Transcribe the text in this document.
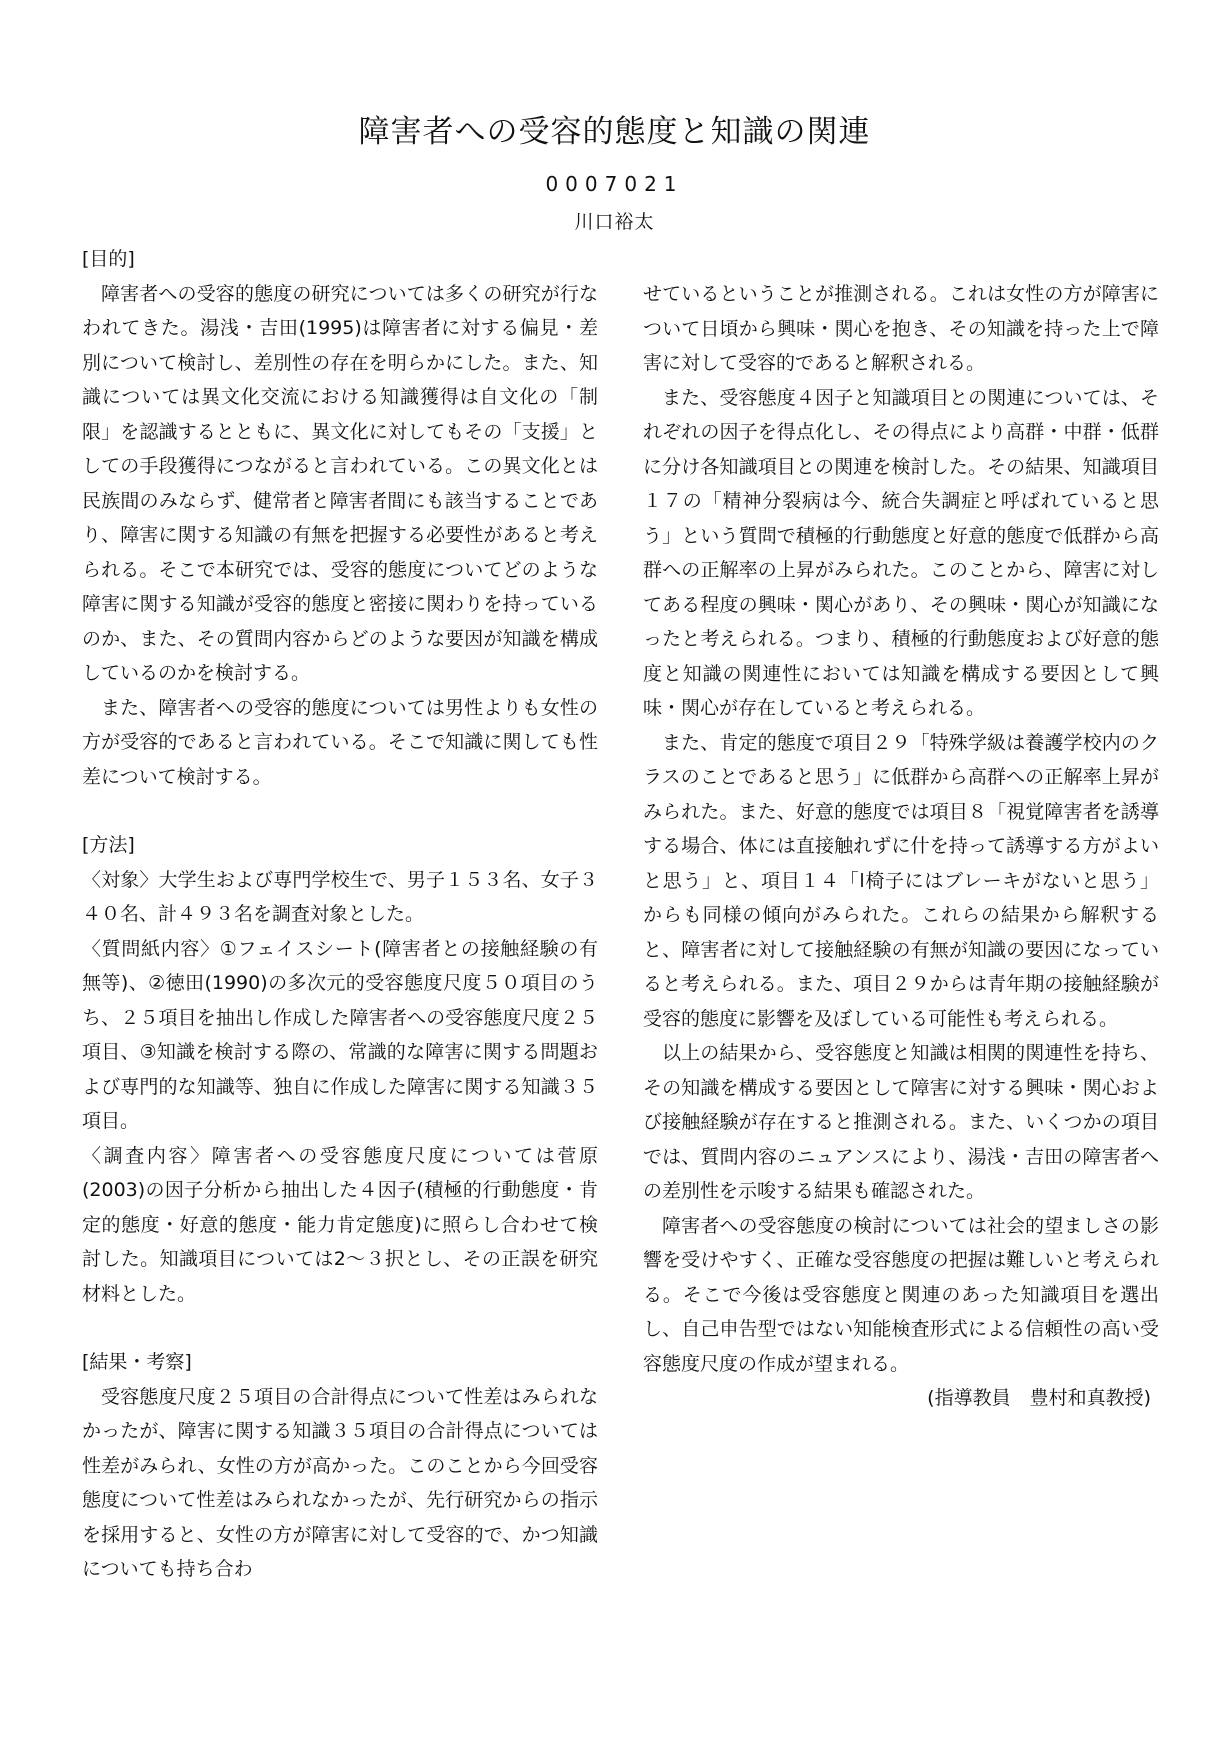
障害者への受容的態度と知識の関連
0007021
川口裕太
[目的]

障害者への受容的態度の研究については多くの研究が行なわれてきた。湯浅・吉田(1995)は障害者に対する偏見・差別について検討し、差別性の存在を明らかにした。また、知識については異文化交流における知識獲得は自文化の「制限」を認識するとともに、異文化に対してもその「支援」としての手段獲得につながると言われている。この異文化とは民族間のみならず、健常者と障害者間にも該当することであり、障害に関する知識の有無を把握する必要性があると考えられる。そこで本研究では、受容的態度についてどのような障害に関する知識が受容的態度と密接に関わりを持っているのか、また、その質問内容からどのような要因が知識を構成しているのかを検討する。

また、障害者への受容的態度については男性よりも女性の方が受容的であると言われている。そこで知識に関しても性差について検討する。

[方法]

〈対象〉大学生および専門学校生で、男子１５３名、女子３４０名、計４９３名を調査対象とした。

〈質問紙内容〉①フェイスシート(障害者との接触経験の有無等)、②徳田(1990)の多次元的受容態度尺度５０項目のうち、２５項目を抽出し作成した障害者への受容態度尺度２５項目、③知識を検討する際の、常識的な障害に関する問題および専門的な知識等、独自に作成した障害に関する知識３５項目。

〈調査内容〉障害者への受容態度尺度については菅原(2003)の因子分析から抽出した４因子(積極的行動態度・肯定的態度・好意的態度・能力肯定態度)に照らし合わせて検討した。知識項目については2～３択とし、その正誤を研究材料とした。

[結果・考察]

受容態度尺度２５項目の合計得点について性差はみられなかったが、障害に関する知識３５項目の合計得点については性差がみられ、女性の方が高かった。このことから今回受容態度について性差はみられなかったが、先行研究からの指示を採用すると、女性の方が障害に対して受容的で、かつ知識についても持ち合わ

せているということが推測される。これは女性の方が障害について日頃から興味・関心を抱き、その知識を持った上で障害に対して受容的であると解釈される。

また、受容態度４因子と知識項目との関連については、それぞれの因子を得点化し、その得点により高群・中群・低群に分け各知識項目との関連を検討した。その結果、知識項目１７の「精神分裂病は今、統合失調症と呼ばれていると思う」という質問で積極的行動態度と好意的態度で低群から高群への正解率の上昇がみられた。このことから、障害に対してある程度の興味・関心があり、その興味・関心が知識になったと考えられる。つまり、積極的行動態度および好意的態度と知識の関連性においては知識を構成する要因として興味・関心が存在していると考えられる。

また、肯定的態度で項目２９「特殊学級は養護学校内のクラスのことであると思う」に低群から高群への正解率上昇がみられた。また、好意的態度では項目８「視覚障害者を誘導する場合、体には直接触れずに什を持って誘導する方がよいと思う」と、項目１４「l椅子にはブレーキがないと思う」からも同様の傾向がみられた。これらの結果から解釈すると、障害者に対して接触経験の有無が知識の要因になっていると考えられる。また、項目２９からは青年期の接触経験が受容的態度に影響を及ぼしている可能性も考えられる。

以上の結果から、受容態度と知識は相関的関連性を持ち、その知識を構成する要因として障害に対する興味・関心および接触経験が存在すると推測される。また、いくつかの項目では、質問内容のニュアンスにより、湯浅・吉田の障害者への差別性を示唆する結果も確認された。

障害者への受容態度の検討については社会的望ましさの影響を受けやすく、正確な受容態度の把握は難しいと考えられる。そこで今後は受容態度と関連のあった知識項目を選出し、自己申告型ではない知能検査形式による信頼性の高い受容態度尺度の作成が望まれる。

(指導教員　豊村和真教授)
